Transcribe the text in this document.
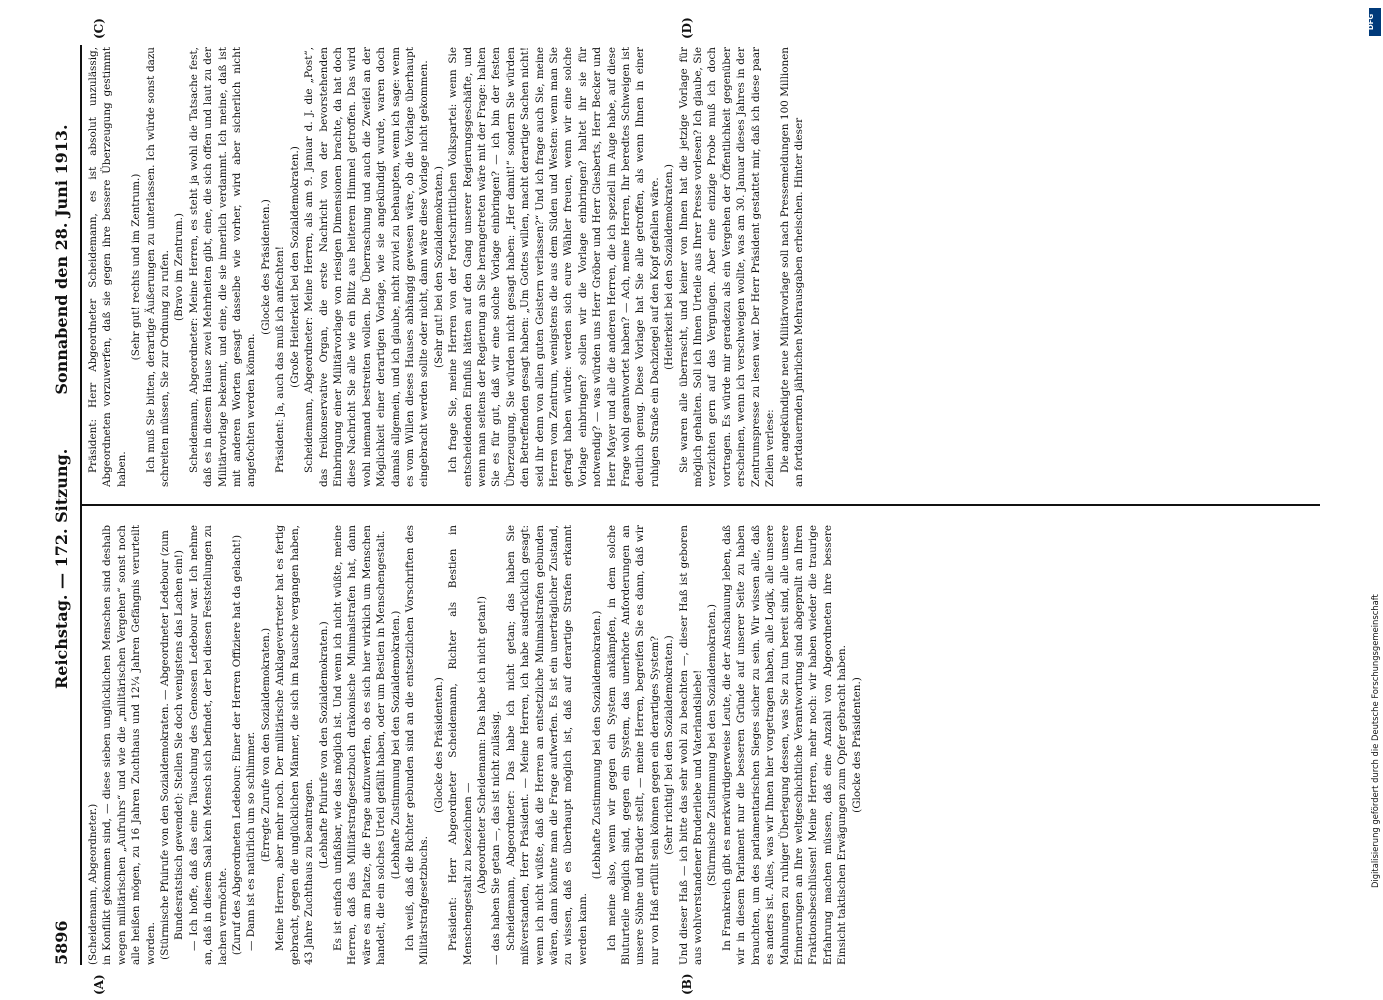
5896
Reichstag. — 172. Sitzung.
Sonnabend den 28. Juni 1913.
(A)	(B)
(C)	(D)

(Scheidemann, Abgeordneter.) in Konflikt gekommen sind, — diese sieben unglücklichen Menschen sind deshalb wegen militärischen „Aufruhrs“ und wie die „militärischen Vergehen“ sonst noch alle heißen mögen, zu 16 Jahren Zuchthaus und 12¼ Jahren Gefängnis verurteilt worden. (Stürmische Pfuirufe von den Sozialdemokraten. — Abgeordneter Ledebour (zum Bundesratstisch gewendet): Stellen Sie doch wenigstens das Lachen ein!) — Ich hoffe, daß das eine Täuschung des Genossen Ledebour war. Ich nehme an, daß in diesem Saal kein Mensch sich befindet, der bei diesen Feststellungen zu lachen vermöchte. (Zuruf des Abgeordneten Ledebour: Einer der Herren Offiziere hat da gelacht!) — Dann ist es natürlich um so schlimmer. (Erregte Zurufe von den Sozialdemokraten.) Meine Herren, aber mehr noch. Der militärische Anklagevertreter hat es fertig gebracht, gegen die unglücklichen Männer, die sich im Rausche vergangen haben, 43 Jahre Zuchthaus zu beantragen.

(Lebhafte Pfuirufe von den Sozialdemokraten.) Es ist einfach unfaßbar, wie das möglich ist. Und wenn ich nicht wüßte, meine Herren, daß das Militärstrafgesetzbuch drakonische Minimalstrafen hat, dann wäre es am Platze, die Frage aufzuwerfen, ob es sich hier wirklich um Menschen handelt, die ein solches Urteil gefällt haben, oder um Bestien in Menschengestalt. (Lebhafte Zustimmung bei den Sozialdemokraten.) Ich weiß, daß die Richter gebunden sind an die entsetzlichen Vorschriften des Militärstrafgesetzbuchs.

(Glocke des Präsidenten.) Präsident: Herr Abgeordneter Scheidemann, Richter als Bestien in Menschengestalt zu bezeichnen — (Abgeordneter Scheidemann: Das habe ich nicht getan!) — das haben Sie getan —, das ist nicht zulässig. Scheidemann, Abgeordneter: Das habe ich nicht getan; das haben Sie mißverstanden, Herr Präsident. — Meine Herren, ich habe ausdrücklich gesagt: wenn ich nicht wüßte, daß die Herren an entsetzliche Minimalstrafen gebunden wären, dann könnte man die Frage aufwerfen. Es ist ein unerträglicher Zustand, zu wissen, daß es überhaupt möglich ist, daß auf derartige Strafen erkannt werden kann.

(Lebhafte Zustimmung bei den Sozialdemokraten.) Ich meine also, wenn wir gegen ein System ankämpfen, in dem solche Bluturteile möglich sind, gegen ein System, das unerhörte Anforderungen an unsere Söhne und Brüder stellt, — meine Herren, begreifen Sie es dann, daß wir nur von Haß erfüllt sein können gegen ein derartiges System? (Sehr richtig! bei den Sozialdemokraten.) Und dieser Haß — ich bitte das sehr wohl zu beachten —, dieser Haß ist geboren aus wohlverstandener Bruderliebe und Vaterlandsliebe! (Stürmische Zustimmung bei den Sozialdemokraten.) In Frankreich gibt es merkwürdigerweise Leute, die der Anschauung leben, daß wir in diesem Parlament nur die besseren Gründe auf unserer Seite zu haben brauchten, um des parlamentarischen Sieges sicher zu sein. Wir wissen alle, daß es anders ist. Alles, was wir Ihnen hier vorgetragen haben, alle Logik, alle unsere Mahnungen zu ruhiger Überlegung dessen, was Sie zu tun bereit sind, alle unsere Erinnerungen an Ihre weltgeschichtliche Verantwortung sind abgeprallt an Ihren Fraktionsbeschlüssen! Meine Herren, mehr noch: wir haben wieder die traurige Erfahrung machen müssen, daß eine Anzahl von Abgeordneten ihre bessere Einsicht taktischen Erwägungen zum Opfer gebracht haben. (Glocke des Präsidenten.)

Präsident: Herr Abgeordneter Scheidemann, es ist absolut unzulässig, Abgeordneten vorzuwerfen, daß sie gegen ihre bessere Überzeugung gestimmt haben.

(Sehr gut! rechts und im Zentrum.) Ich muß Sie bitten, derartige Äußerungen zu unterlassen. Ich würde sonst dazu schreiten müssen, Sie zur Ordnung zu rufen. (Bravo im Zentrum.) Scheidemann, Abgeordneter: Meine Herren, es steht ja wohl die Tatsache fest, daß es in diesem Hause zwei Mehrheiten gibt, eine, die sich offen und laut zu der Militärvorlage bekennt, und eine, die sie innerlich verdammt. Ich meine, daß ist mit anderen Worten gesagt dasselbe wie vorher, wird aber sicherlich nicht angefochten werden können.

(Glocke des Präsidenten.) Präsident: Ja, auch das muß ich anfechten! (Große Heiterkeit bei den Sozialdemokraten.) Scheidemann, Abgeordneter: Meine Herren, als am 9. Januar d. J. die „Post“, das freikonservative Organ, die erste Nachricht von der bevorstehenden Einbringung einer Militärvorlage von riesigen Dimensionen brachte, da hat doch diese Nachricht Sie alle wie ein Blitz aus heiterem Himmel getroffen. Das wird wohl niemand bestreiten wollen. Die Überraschung und auch die Zweifel an der Möglichkeit einer derartigen Vorlage, wie sie angekündigt wurde, waren doch damals allgemein, und ich glaube, nicht zuviel zu behaupten, wenn ich sage: wenn es vom Willen dieses Hauses abhängig gewesen wäre, ob die Vorlage überhaupt eingebracht werden sollte oder nicht, dann wäre diese Vorlage nicht gekommen. (Sehr gut! bei den Sozialdemokraten.) Ich frage Sie, meine Herren von der Fortschrittlichen Volkspartei: wenn Sie entscheidenden Einfluß hätten auf den Gang unserer Regierungsgeschäfte, und wenn man seitens der Regierung an Sie herangetreten wäre mit der Frage: halten Sie es für gut, daß wir eine solche Vorlage einbringen? — ich bin der festen Überzeugung, Sie würden nicht gesagt haben: „Her damit!“ sondern Sie würden den Betreffenden gesagt haben: „Um Gottes willen, macht derartige Sachen nicht! seid ihr denn von allen guten Geistern verlassen?“ Und ich frage auch Sie, meine Herren vom Zentrum, wenigstens die aus dem Süden und Westen: wenn man Sie gefragt haben würde: werden sich eure Wähler freuen, wenn wir eine solche Vorlage einbringen? sollen wir die Vorlage einbringen? haltet ihr sie für notwendig? — was würden uns Herr Gröber und Herr Giesberts, Herr Becker und Herr Mayer und alle die anderen Herren, die ich speziell im Auge habe, auf diese Frage wohl geantwortet haben? — Ach, meine Herren, Ihr beredtes Schweigen ist deutlich genug. Diese Vorlage hat Sie alle getroffen, als wenn Ihnen in einer ruhigen Straße ein Dachziegel auf den Kopf gefallen wäre. (Heiterkeit bei den Sozialdemokraten.) Sie waren alle überrascht, und keiner von Ihnen hat die jetzige Vorlage für möglich gehalten. Soll ich Ihnen Urteile aus Ihrer Presse vorlesen? Ich glaube, Sie verzichten gern auf das Vergnügen. Aber eine einzige Probe muß ich doch vortragen. Es würde mir geradezu als ein Vergehen der Öffentlichkeit gegenüber erscheinen, wenn ich verschweigen wollte, was am 30. Januar dieses Jahres in der Zentrumspresse zu lesen war. Der Herr Präsident gestattet mir, daß ich diese paar Zeilen verlese: Die angekündigte neue Militärvorlage soll nach Pressemeldungen 100 Millionen an fortdauernden jährlichen Mehrausgaben erheischen. Hinter dieser

DFG
Digitalisierung gefördert durch die Deutsche Forschungsgemeinschaft
